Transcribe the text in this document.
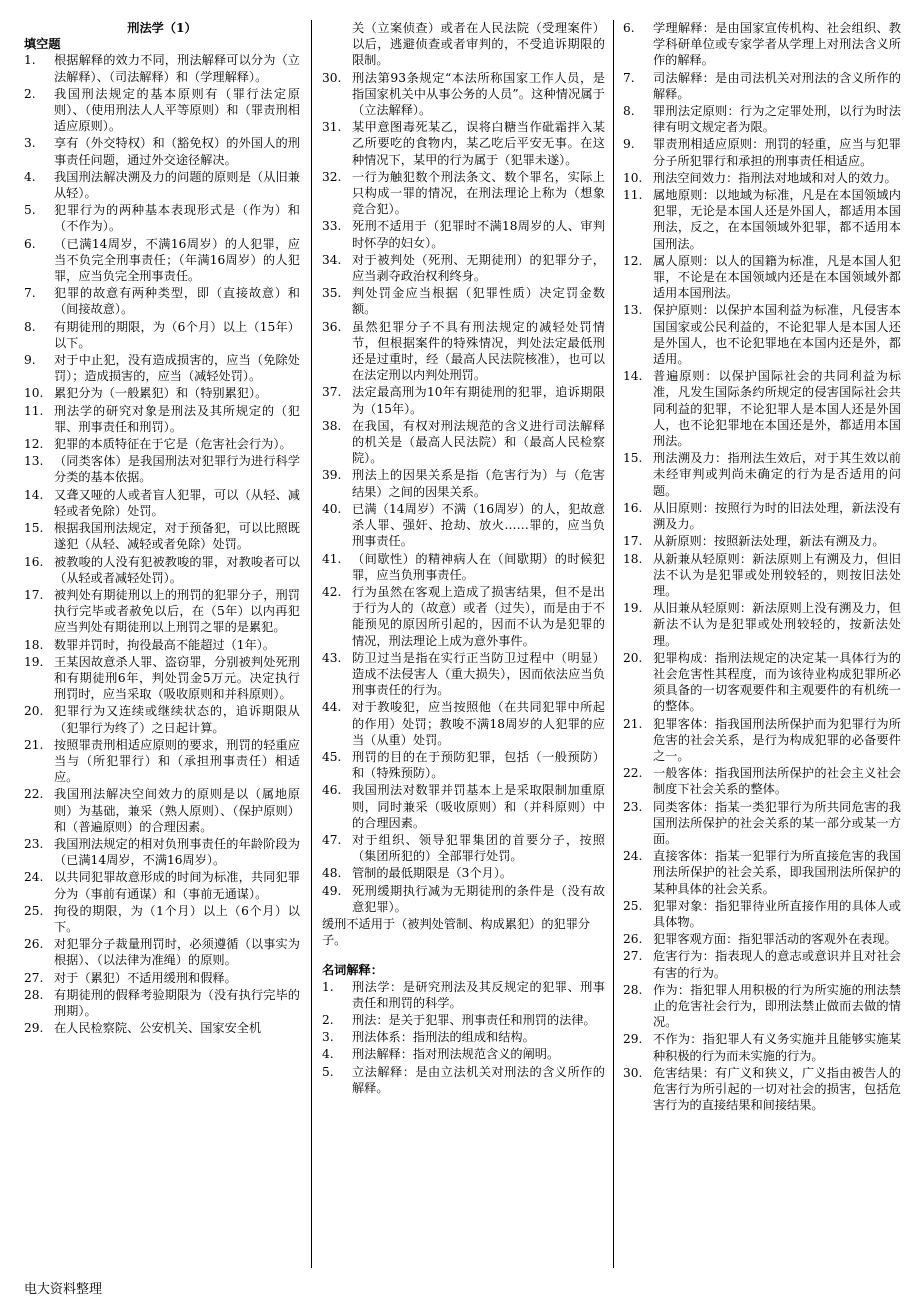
刑法学（1）

填空题

1. 根据解释的效力不同，刑法解释可以分为（立法解释）、（司法解释）和（学理解释）。
2. 我国刑法规定的基本原则有（罪行法定原则）、（使用刑法人人平等原则）和（罪责刑相适应原则）。
3. 享有（外交特权）和（豁免权）的外国人的刑事责任问题，通过外交途径解决。
4. 我国刑法解决溯及力的问题的原则是（从旧兼从轻）。
5. 犯罪行为的两种基本表现形式是（作为）和（不作为）。
6. （已满14周岁，不满16周岁）的人犯罪，应当不负完全刑事责任；（年满16周岁）的人犯罪，应当负完全刑事责任。
7. 犯罪的故意有两种类型，即（直接故意）和（间接故意）。
8. 有期徒刑的期限，为（6个月）以上（15年）以下。
9. 对于中止犯，没有造成损害的，应当（免除处罚）；造成损害的，应当（减轻处罚）。
10. 累犯分为（一般累犯）和（特别累犯）。
11. 刑法学的研究对象是刑法及其所规定的（犯罪、刑事责任和刑罚）。
12. 犯罪的本质特征在于它是（危害社会行为）。
13. （同类客体）是我国刑法对犯罪行为进行科学分类的基本依据。
14. 又聋又哑的人或者盲人犯罪，可以（从轻、减轻或者免除）处罚。
15. 根据我国刑法规定，对于预备犯，可以比照既遂犯（从轻、减轻或者免除）处罚。
16. 被教唆的人没有犯被教唆的罪，对教唆者可以（从轻或者减轻处罚）。
17. 被判处有期徒刑以上的刑罚的犯罪分子，刑罚执行完毕或者赦免以后，在（5年）以内再犯应当判处有期徒刑以上刑罚之罪的是累犯。
18. 数罪并罚时，拘役最高不能超过（1年）。
19. 王某因故意杀人罪、盗窃罪，分别被判处死刑和有期徒刑6年，判处罚金5万元。决定执行刑罚时，应当采取（吸收原则和并科原则）。
20. 犯罪行为又连续或继续状态的，追诉期限从（犯罪行为终了）之日起计算。
21. 按照罪责刑相适应原则的要求，刑罚的轻重应当与（所犯罪行）和（承担刑事责任）相适应。
22. 我国刑法解决空间效力的原则是以（属地原则）为基础，兼采（熟人原则）、（保护原则）和（普遍原则）的合理因素。
23. 我国刑法规定的相对负刑事责任的年龄阶段为（已满14周岁，不满16周岁）。
24. 以共同犯罪故意形成的时间为标准，共同犯罪分为（事前有通谋）和（事前无通谋）。
25. 拘役的期限，为（1个月）以上（6个月）以下。
26. 对犯罪分子裁量刑罚时，必须遵循（以事实为根据）、（以法律为准绳）的原则。
27. 对于（累犯）不适用缓刑和假释。
28. 有期徒刑的假释考验期限为（没有执行完毕的刑期）。
29. 在人民检察院、公安机关、国家安全机
关（立案侦查）或者在人民法院（受理案件）以后，逃避侦查或者审判的，不受追诉期限的限制。
30. 刑法第93条规定“本法所称国家工作人员，是指国家机关中从事公务的人员”。这种情况属于（立法解释）。
31. 某甲意图毒死某乙，误将白糖当作砒霜拌入某乙所要吃的食物内，某乙吃后平安无事。在这种情况下，某甲的行为属于（犯罪未遂）。
32. 一行为触犯数个刑法条文、数个罪名，实际上只构成一罪的情况，在刑法理论上称为（想象竞合犯）。
33. 死刑不适用于（犯罪时不满18周岁的人、审判时怀孕的妇女）。
34. 对于被判处（死刑、无期徒刑）的犯罪分子，应当剥夺政治权利终身。
35. 判处罚金应当根据（犯罪性质）决定罚金数额。
36. 虽然犯罪分子不具有刑法规定的减轻处罚情节，但根据案件的特殊情况，判处法定最低刑还是过重时，经（最高人民法院核准），也可以在法定刑以内判处刑罚。
37. 法定最高刑为10年有期徒刑的犯罪，追诉期限为（15年）。
38. 在我国，有权对刑法规范的含义进行司法解释的机关是（最高人民法院）和（最高人民检察院）。
39. 刑法上的因果关系是指（危害行为）与（危害结果）之间的因果关系。
40. 已满（14周岁）不满（16周岁）的人，犯故意杀人罪、强奸、抢劫、放火……罪的，应当负刑事责任。
41. （间歇性）的精神病人在（间歇期）的时候犯罪，应当负刑事责任。
42. 行为虽然在客观上造成了损害结果，但不是出于行为人的（故意）或者（过失），而是由于不能预见的原因所引起的，因而不认为是犯罪的情况，刑法理论上成为意外事件。
43. 防卫过当是指在实行正当防卫过程中（明显）造成不法侵害人（重大损失），因而依法应当负刑事责任的行为。
44. 对于教唆犯，应当按照他（在共同犯罪中所起的作用）处罚；教唆不满18周岁的人犯罪的应当（从重）处罚。
45. 刑罚的目的在于预防犯罪，包括（一般预防）和（特殊预防）。
46. 我国刑法对数罪并罚基本上是采取限制加重原则，同时兼采（吸收原则）和（并科原则）中的合理因素。
47. 对于组织、领导犯罪集团的首要分子，按照（集团所犯的）全部罪行处罚。
48. 管制的最低期限是（3个月）。
49. 死刑缓期执行减为无期徒刑的条件是（没有故意犯罪）。

缓刑不适用于（被判处管制、构成累犯）的犯罪分子。

名词解释：

1. 刑法学：是研究刑法及其反规定的犯罪、刑事责任和刑罚的科学。
2. 刑法：是关于犯罪、刑事责任和刑罚的法律。
3. 刑法体系：指刑法的组成和结构。
4. 刑法解释：指对刑法规范含义的阐明。
5. 立法解释：是由立法机关对刑法的含义所作的解释。
6. 学理解释：是由国家宣传机构、社会组织、教学科研单位或专家学者从学理上对刑法含义所作的解释。
7. 司法解释：是由司法机关对刑法的含义所作的解释。
8. 罪刑法定原则：行为之定罪处刑，以行为时法律有明文规定者为限。
9. 罪责刑相适应原则：刑罚的轻重，应当与犯罪分子所犯罪行和承担的刑事责任相适应。
10. 刑法空间效力：指刑法对地域和对人的效力。
11. 属地原则：以地域为标准，凡是在本国领域内犯罪，无论是本国人还是外国人，都适用本国刑法，反之，在本国领域外犯罪，都不适用本国刑法。
12. 属人原则：以人的国籍为标准，凡是本国人犯罪，不论是在本国领域内还是在本国领域外都适用本国刑法。
13. 保护原则：以保护本国利益为标准，凡侵害本国国家或公民利益的，不论犯罪人是本国人还是外国人，也不论犯罪地在本国内还是外，都适用。
14. 普遍原则：以保护国际社会的共同利益为标准，凡发生国际条约所规定的侵害国际社会共同利益的犯罪，不论犯罪人是本国人还是外国人，也不论犯罪地在本国还是外，都适用本国刑法。
15. 刑法溯及力：指刑法生效后，对于其生效以前未经审判或判尚未确定的行为是否适用的问题。
16. 从旧原则：按照行为时的旧法处理，新法没有溯及力。
17. 从新原则：按照新法处理，新法有溯及力。
18. 从新兼从轻原则：新法原则上有溯及力，但旧法不认为是犯罪或处刑较轻的，则按旧法处理。
19. 从旧兼从轻原则：新法原则上没有溯及力，但新法不认为是犯罪或处刑较轻的，按新法处理。
20. 犯罪构成：指刑法规定的决定某一具体行为的社会危害性其程度，而为该待业构成犯罪所必须具备的一切客观要件和主观要件的有机统一的整体。
21. 犯罪客体：指我国刑法所保护而为犯罪行为所危害的社会关系，是行为构成犯罪的必备要件之一。
22. 一般客体：指我国刑法所保护的社会主义社会制度下社会关系的整体。
23. 同类客体：指某一类犯罪行为所共同危害的我国刑法所保护的社会关系的某一部分或某一方面。
24. 直接客体：指某一犯罪行为所直接危害的我国刑法所保护的社会关系，即我国刑法所保护的某种具体的社会关系。
25. 犯罪对象：指犯罪待业所直接作用的具体人或具体物。
26. 犯罪客观方面：指犯罪活动的客观外在表现。
27. 危害行为：指表现人的意志或意识并且对社会有害的行为。
28. 作为：指犯罪人用积极的行为所实施的刑法禁止的危害社会行为，即刑法禁止做而去做的情况。
29. 不作为：指犯罪人有义务实施并且能够实施某种积极的行为而未实施的行为。
30. 危害结果：有广义和狭义，广义指由被告人的危害行为所引起的一切对社会的损害，包括危害行为的直接结果和间接结果。
电大资料整理
